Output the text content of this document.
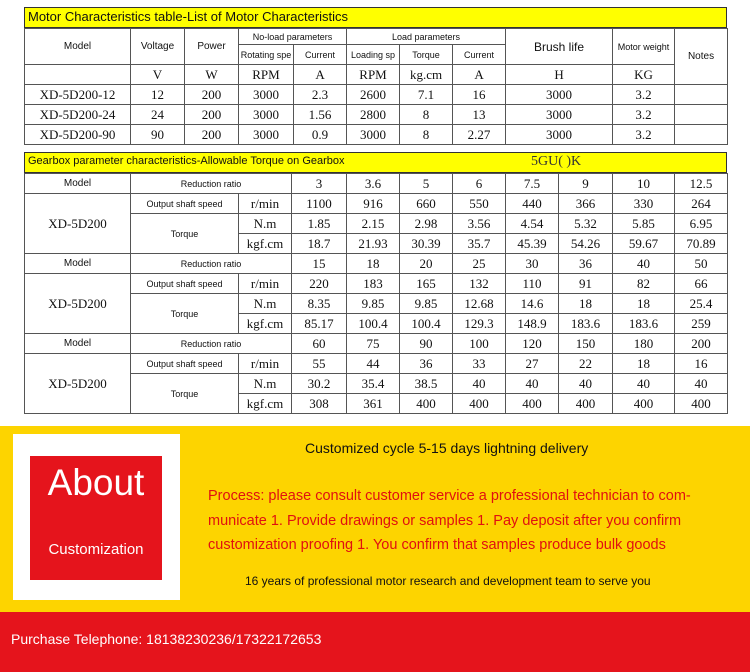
Motor Characteristics table-List of Motor Characteristics
Model	Voltage	Power	No-load parameters		Load parameters			Brush life	Motor weight	Notes
			Rotating spe	Current	Loading sp	Torque	Current			
	V	W	RPM	A	RPM	kg.cm	A	H	KG	
XD-5D200-12	12	200	3000	2.3	2600	7.1	16	3000	3.2	
XD-5D200-24	24	200	3000	1.56	2800	8	13	3000	3.2	
XD-5D200-90	90	200	3000	0.9	3000	8	2.27	3000	3.2	
Gearbox parameter characteristics-Allowable Torque on Gearbox	5GU( )K
Model	Reduction ratio		3	3.6	5	6	7.5	9	10	12.5
XD-5D200	Output shaft speed	r/min	1100	916	660	550	440	366	330	264
	Torque	N.m	1.85	2.15	2.98	3.56	4.54	5.32	5.85	6.95
		kgf.cm	18.7	21.93	30.39	35.7	45.39	54.26	59.67	70.89
Model	Reduction ratio		15	18	20	25	30	36	40	50
XD-5D200	Output shaft speed	r/min	220	183	165	132	110	91	82	66
	Torque	N.m	8.35	9.85	9.85	12.68	14.6	18	18	25.4
		kgf.cm	85.17	100.4	100.4	129.3	148.9	183.6	183.6	259
Model	Reduction ratio		60	75	90	100	120	150	180	200
XD-5D200	Output shaft speed	r/min	55	44	36	33	27	22	18	16
	Torque	N.m	30.2	35.4	38.5	40	40	40	40	40
		kgf.cm	308	361	400	400	400	400	400	400
About
Customization
Customized cycle 5-15 days lightning delivery
Process: please consult customer service a professional technician to com-municate 1. Provide drawings or samples 1. Pay deposit after you confirm customization proofing 1. You confirm that samples produce bulk goods
16 years of professional motor research and development team to serve you
Purchase Telephone: 18138230236/17322172653
